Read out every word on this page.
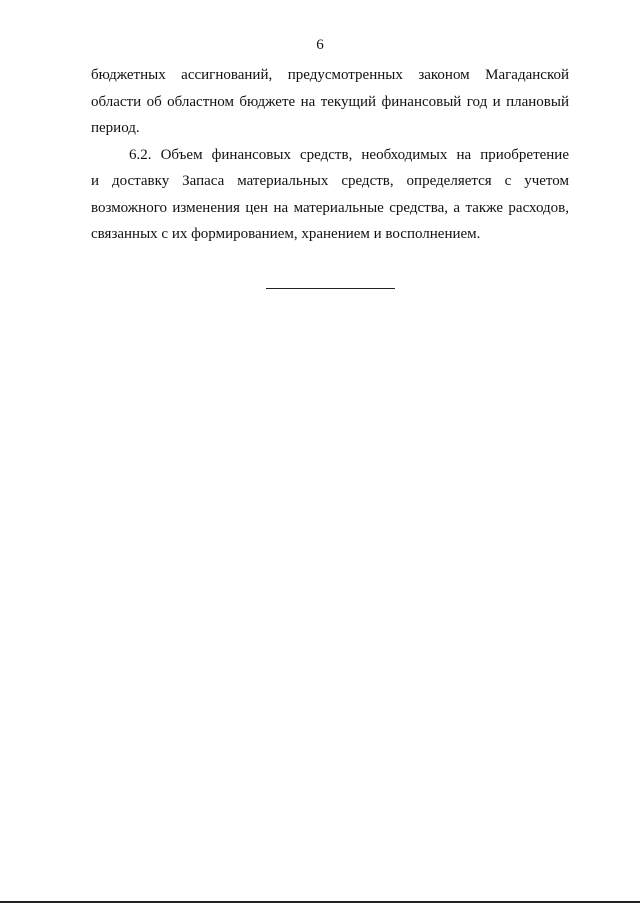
6

бюджетных ассигнований, предусмотренных законом Магаданской
области об областном бюджете на текущий финансовый год и плановый
период.

6.2. Объем финансовых средств, необходимых на приобретение
и доставку Запаса материальных средств, определяется с учетом
возможного изменения цен на материальные средства, а также расходов,
связанных с их формированием, хранением и восполнением.
